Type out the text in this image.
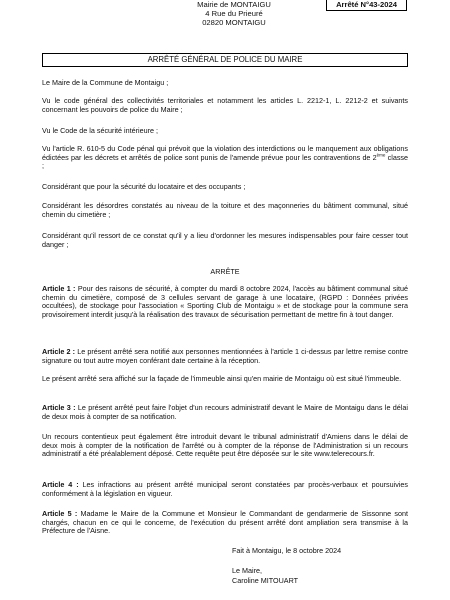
Mairie de MONTAIGU
4 Rue du Prieuré
02820 MONTAIGU
Arrêté N°43-2024
ARRÊTÉ GÉNÉRAL DE POLICE DU MAIRE

Le Maire de la Commune de Montaigu ;

Vu le code général des collectivités territoriales et notamment les articles L. 2212-1, L. 2212-2 et suivants concernant les pouvoirs de police du Maire ;

Vu le Code de la sécurité intérieure ;

Vu l'article R. 610-5 du Code pénal qui prévoit que la violation des interdictions ou le manquement aux obligations édictées par les décrets et arrêtés de police sont punis de l'amende prévue pour les contraventions de 2ème classe ;

Considérant que pour la sécurité du locataire et des occupants ;

Considérant les désordres constatés au niveau de la toiture et des maçonneries du bâtiment communal, situé chemin du cimetière ;

Considérant qu'il ressort de ce constat qu'il y a lieu d'ordonner les mesures indispensables pour faire cesser tout danger ;

ARRÊTE

Article 1 : Pour des raisons de sécurité, à compter du mardi 8 octobre 2024, l'accès au bâtiment communal situé chemin du cimetière, composé de 3 cellules servant de garage à une locataire, (RGPD : Données privées occultées), de stockage pour l'association « Sporting Club de Montaigu » et de stockage pour la commune sera provisoirement interdit jusqu'à la réalisation des travaux de sécurisation permettant de mettre fin à tout danger.

Article 2 : Le présent arrêté sera notifié aux personnes mentionnées à l'article 1 ci-dessus par lettre remise contre signature ou tout autre moyen conférant date certaine à la réception.

Le présent arrêté sera affiché sur la façade de l'immeuble ainsi qu'en mairie de Montaigu où est situé l'immeuble.

Article 3 : Le présent arrêté peut faire l'objet d'un recours administratif devant le Maire de Montaigu dans le délai de deux mois à compter de sa notification.

Un recours contentieux peut également être introduit devant le tribunal administratif d'Amiens dans le délai de deux mois à compter de la notification de l'arrêté ou à compter de la réponse de l'Administration si un recours administratif a été préalablement déposé. Cette requête peut être déposée sur le site www.telerecours.fr.

Article 4 : Les infractions au présent arrêté municipal seront constatées par procès-verbaux et poursuivies conformément à la législation en vigueur.

Article 5 : Madame le Maire de la Commune et Monsieur le Commandant de gendarmerie de Sissonne sont chargés, chacun en ce qui le concerne, de l'exécution du présent arrêté dont ampliation sera transmise à la Préfecture de l'Aisne.

Fait à Montaigu, le 8 octobre 2024

Le Maire,

Caroline MITOUART
